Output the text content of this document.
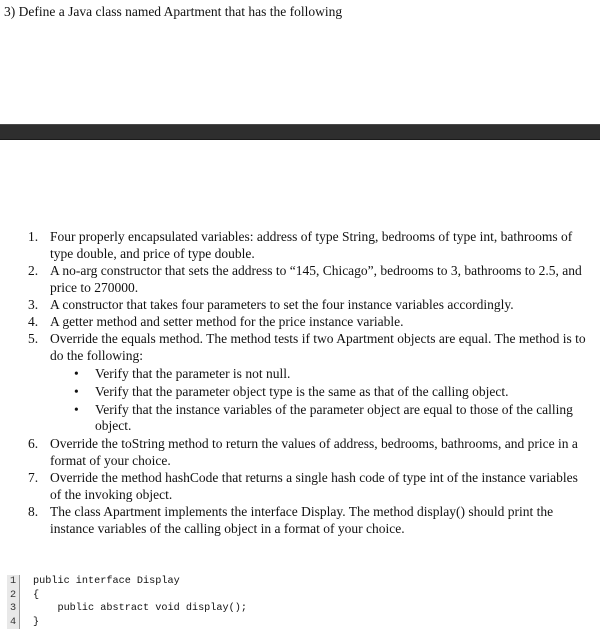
3) Define a Java class named Apartment that has the following
1. Four properly encapsulated variables: address of type String, bedrooms of type int, bathrooms of type double, and price of type double.
2. A no-arg constructor that sets the address to “145, Chicago”, bedrooms to 3, bathrooms to 2.5, and price to 270000.
3. A constructor that takes four parameters to set the four instance variables accordingly.
4. A getter method and setter method for the price instance variable.
5. Override the equals method. The method tests if two Apartment objects are equal. The method is to do the following:
• Verify that the parameter is not null.
• Verify that the parameter object type is the same as that of the calling object.
• Verify that the instance variables of the parameter object are equal to those of the calling object.
6. Override the toString method to return the values of address, bedrooms, bathrooms, and price in a format of your choice.
7. Override the method hashCode that returns a single hash code of type int of the instance variables of the invoking object.
8. The class Apartment implements the interface Display. The method display() should print the instance variables of the calling object in a format of your choice.
1	public interface Display
2	{
3	public abstract void display();
4	}
